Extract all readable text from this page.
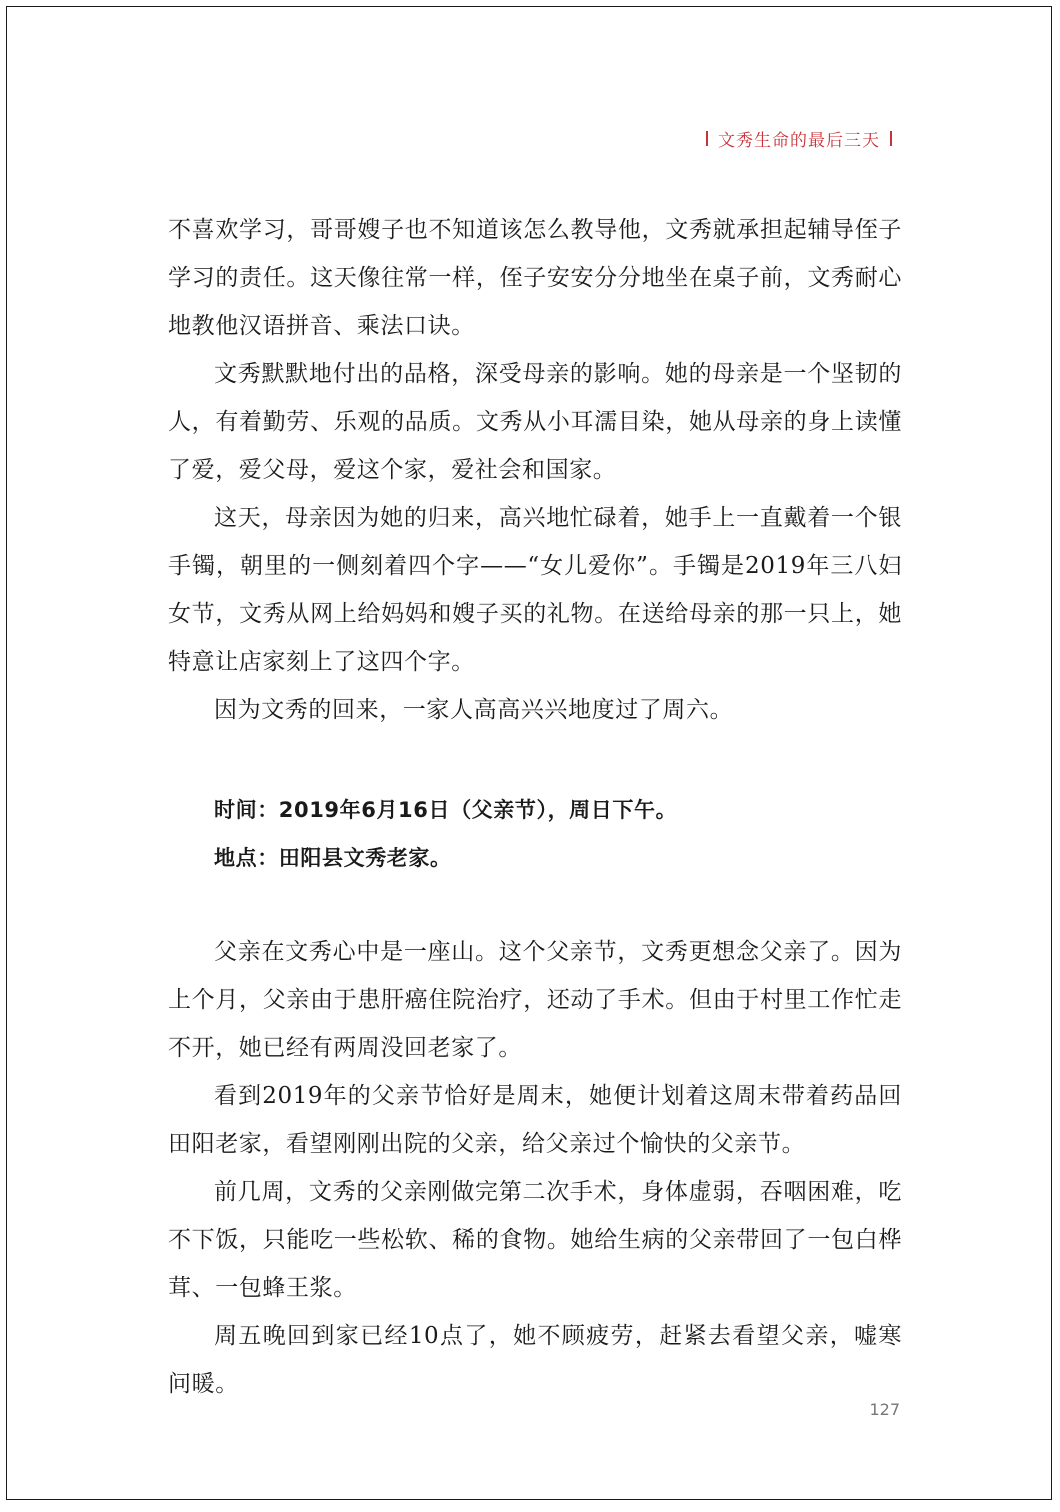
文秀生命的最后三天

不喜欢学习，哥哥嫂子也不知道该怎么教导他，文秀就承担起辅导侄子学习的责任。这天像往常一样，侄子安安分分地坐在桌子前，文秀耐心地教他汉语拼音、乘法口诀。

文秀默默地付出的品格，深受母亲的影响。她的母亲是一个坚韧的人，有着勤劳、乐观的品质。文秀从小耳濡目染，她从母亲的身上读懂了爱，爱父母，爱这个家，爱社会和国家。

这天，母亲因为她的归来，高兴地忙碌着，她手上一直戴着一个银手镯，朝里的一侧刻着四个字——“女儿爱你”。手镯是2019年三八妇女节，文秀从网上给妈妈和嫂子买的礼物。在送给母亲的那一只上，她特意让店家刻上了这四个字。

因为文秀的回来，一家人高高兴兴地度过了周六。

时间：2019年6月16日（父亲节），周日下午。

地点：田阳县文秀老家。

父亲在文秀心中是一座山。这个父亲节，文秀更想念父亲了。因为上个月，父亲由于患肝癌住院治疗，还动了手术。但由于村里工作忙走不开，她已经有两周没回老家了。

看到2019年的父亲节恰好是周末，她便计划着这周末带着药品回田阳老家，看望刚刚出院的父亲，给父亲过个愉快的父亲节。

前几周，文秀的父亲刚做完第二次手术，身体虚弱，吞咽困难，吃不下饭，只能吃一些松软、稀的食物。她给生病的父亲带回了一包白桦茸、一包蜂王浆。

周五晚回到家已经10点了，她不顾疲劳，赶紧去看望父亲，嘘寒问暖。

127
